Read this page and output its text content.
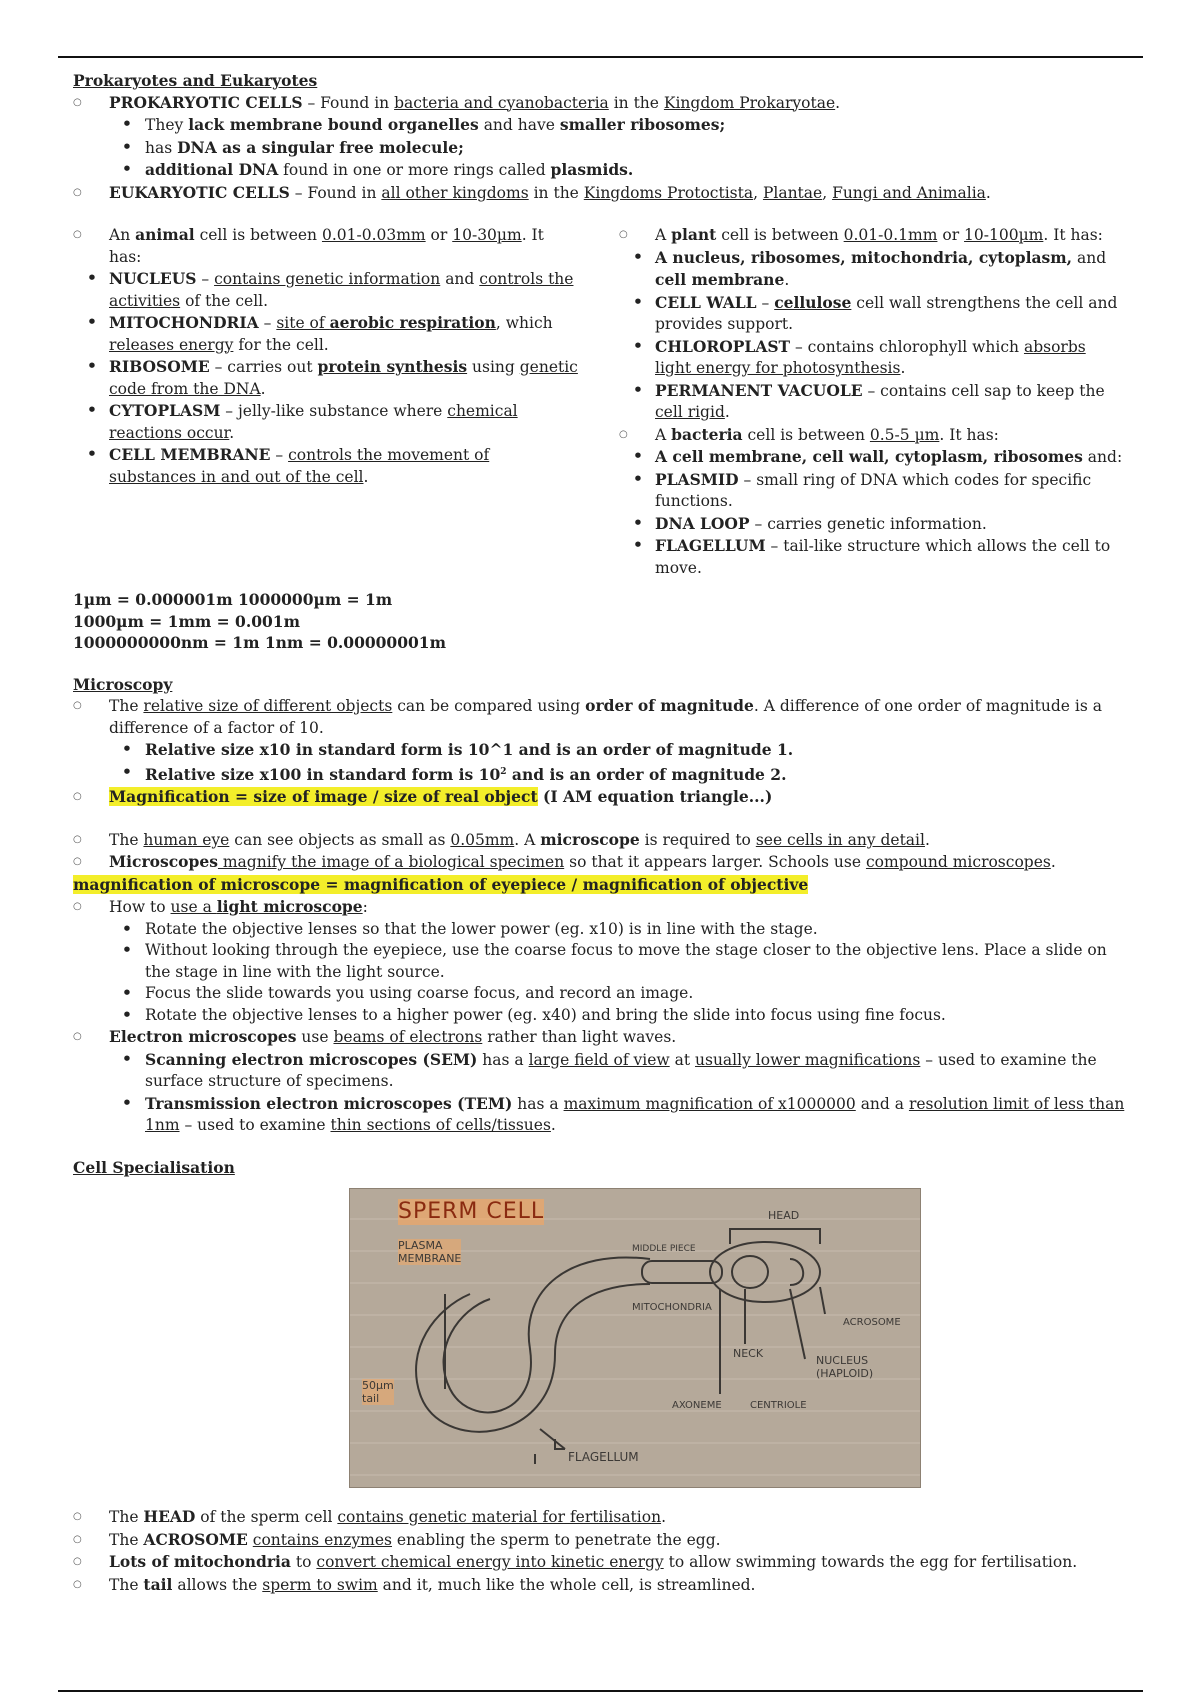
Prokaryotes and Eukaryotes
○ PROKARYOTIC CELLS – Found in bacteria and cyanobacteria in the Kingdom Prokaryotae.
• They lack membrane bound organelles and have smaller ribosomes;
• has DNA as a singular free molecule;
• additional DNA found in one or more rings called plasmids.
○ EUKARYOTIC CELLS – Found in all other kingdoms in the Kingdoms Protoctista, Plantae, Fungi and Animalia.
○ An animal cell is between 0.01-0.03mm or 10-30µm. It has:
• NUCLEUS – contains genetic information and controls the activities of the cell.
• MITOCHONDRIA – site of aerobic respiration, which releases energy for the cell.
• RIBOSOME – carries out protein synthesis using genetic code from the DNA.
• CYTOPLASM – jelly-like substance where chemical reactions occur.
• CELL MEMBRANE – controls the movement of substances in and out of the cell.
○ A plant cell is between 0.01-0.1mm or 10-100µm. It has:
• A nucleus, ribosomes, mitochondria, cytoplasm, and cell membrane.
• CELL WALL – cellulose cell wall strengthens the cell and provides support.
• CHLOROPLAST – contains chlorophyll which absorbs light energy for photosynthesis.
• PERMANENT VACUOLE – contains cell sap to keep the cell rigid.
○ A bacteria cell is between 0.5-5 µm. It has:
• A cell membrane, cell wall, cytoplasm, ribosomes and:
• PLASMID – small ring of DNA which codes for specific functions.
• DNA LOOP – carries genetic information.
• FLAGELLUM – tail-like structure which allows the cell to move.
1µm = 0.000001m 1000000µm = 1m
1000µm = 1mm = 0.001m
1000000000nm = 1m 1nm = 0.00000001m
Microscopy
○ The relative size of different objects can be compared using order of magnitude. A difference of one order of magnitude is a difference of a factor of 10.
• Relative size x10 in standard form is 10^1 and is an order of magnitude 1.
• Relative size x100 in standard form is $10^2$ and is an order of magnitude 2.
○ Magnification = size of image / size of real object (I AM equation triangle...)
○ The human eye can see objects as small as 0.05mm. A microscope is required to see cells in any detail.
○ Microscopes magnify the image of a biological specimen so that it appears larger. Schools use compound microscopes.
magnification of microscope = magnification of eyepiece / magnification of objective
○ How to use a light microscope:
• Rotate the objective lenses so that the lower power (eg. x10) is in line with the stage.
• Without looking through the eyepiece, use the coarse focus to move the stage closer to the objective lens. Place a slide on the stage in line with the light source.
• Focus the slide towards you using coarse focus, and record an image.
• Rotate the objective lenses to a higher power (eg. x40) and bring the slide into focus using fine focus.
○ Electron microscopes use beams of electrons rather than light waves.
• Scanning electron microscopes (SEM) has a large field of view at usually lower magnifications – used to examine the surface structure of specimens.
• Transmission electron microscopes (TEM) has a maximum magnification of x1000000 and a resolution limit of less than 1nm – used to examine thin sections of cells/tissues.
Cell Specialisation
SPERM CELL	HEAD
PLASMA
MEMBRANE
MIDDLE PIECE
MITOCHONDRIA
ACROSOME
NECK
NUCLEUS
(HAPLOID)
AXONEME	CENTRIOLE
50µm
tail
FLAGELLUM
○ The HEAD of the sperm cell contains genetic material for fertilisation.
○ The ACROSOME contains enzymes enabling the sperm to penetrate the egg.
○ Lots of mitochondria to convert chemical energy into kinetic energy to allow swimming towards the egg for fertilisation.
○ The tail allows the sperm to swim and it, much like the whole cell, is streamlined.
